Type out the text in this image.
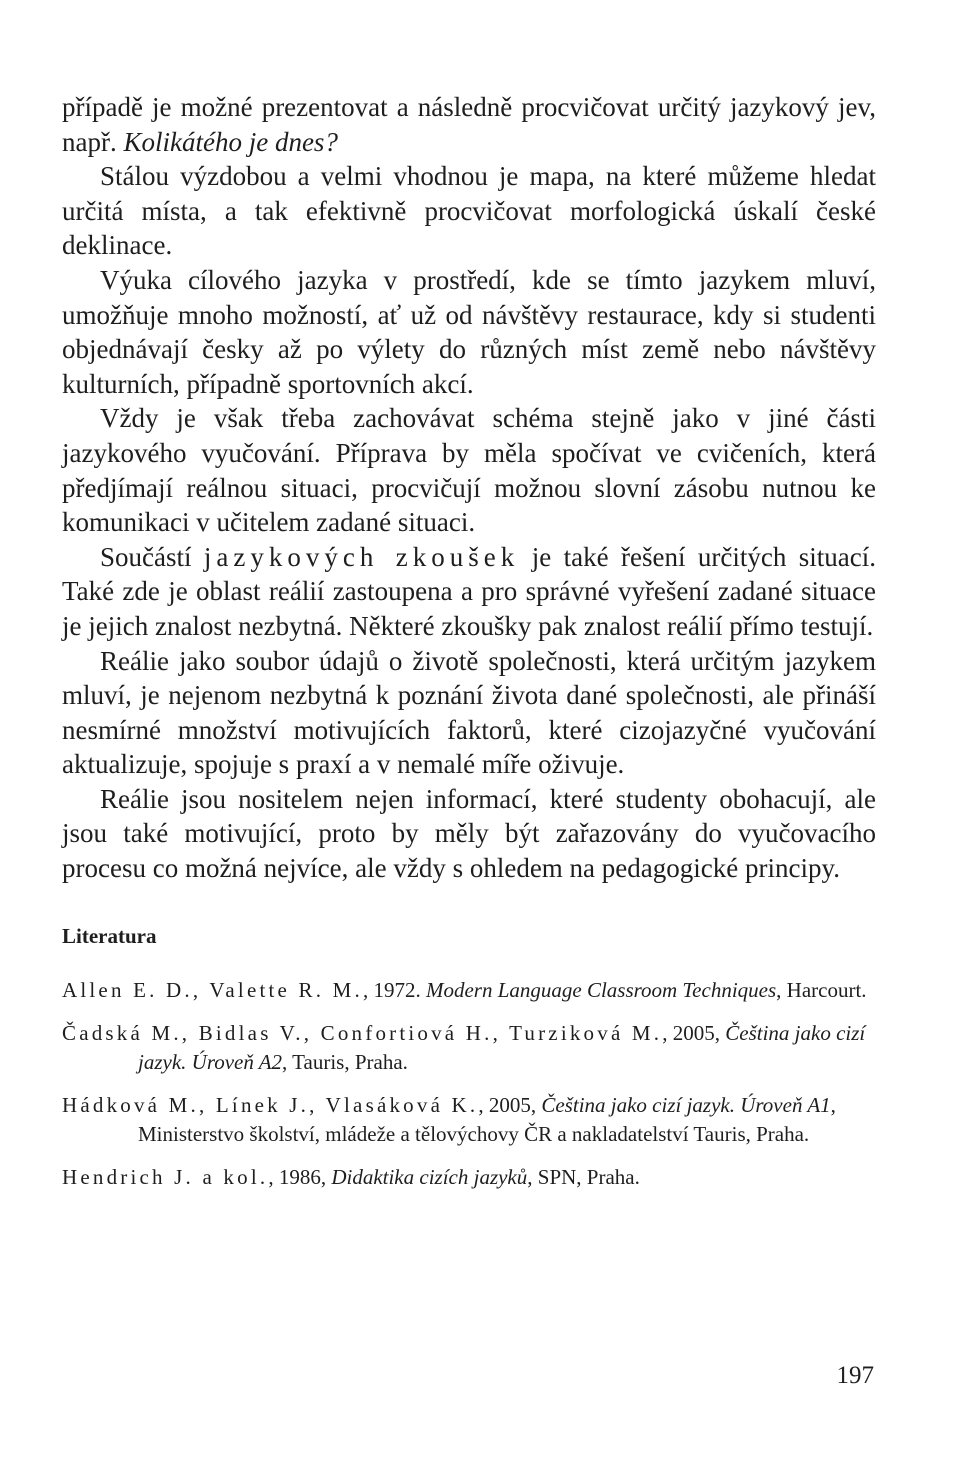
případě je možné prezentovat a následně procvičovat určitý jazykový jev, např. Kolikátého je dnes?

Stálou výzdobou a velmi vhodnou je mapa, na které můžeme hledat určitá místa, a tak efektivně procvičovat morfologická úskalí české deklinace.

Výuka cílového jazyka v prostředí, kde se tímto jazykem mluví, umožňuje mnoho možností, ať už od návštěvy restaurace, kdy si studenti objednávají česky až po výlety do různých míst země nebo návštěvy kulturních, případně sportovních akcí.

Vždy je však třeba zachovávat schéma stejně jako v jiné části jazykového vyučování. Příprava by měla spočívat ve cvičeních, která předjímají reálnou situaci, procvičují možnou slovní zásobu nutnou ke komunikaci v učitelem zadané situaci.

Součástí jazykových zkoušek je také řešení určitých situací. Také zde je oblast reálií zastoupena a pro správné vyřešení zadané situace je jejich znalost nezbytná. Některé zkoušky pak znalost reálií přímo testují.

Reálie jako soubor údajů o životě společnosti, která určitým jazykem mluví, je nejenom nezbytná k poznání života dané společnosti, ale přináší nesmírné množství motivujících faktorů, které cizojazyčné vyučování aktualizuje, spojuje s praxí a v nemalé míře oživuje.

Reálie jsou nositelem nejen informací, které studenty obohacují, ale jsou také motivující, proto by měly být zařazovány do vyučovacího procesu co možná nejvíce, ale vždy s ohledem na pedagogické principy.

Literatura

Allen E. D., Valette R. M., 1972. Modern Language Classroom Techniques, Harcourt.

Čadská M., Bidlas V., Confortiová H., Turziková M., 2005, Čeština jako cizí jazyk. Úroveň A2, Tauris, Praha.

Hádková M., Línek J., Vlasáková K., 2005, Čeština jako cizí jazyk. Úroveň A1, Ministerstvo školství, mládeže a tělovýchovy ČR a nakladatelství Tauris, Praha.

Hendrich J. a kol., 1986, Didaktika cizích jazyků, SPN, Praha.

197
